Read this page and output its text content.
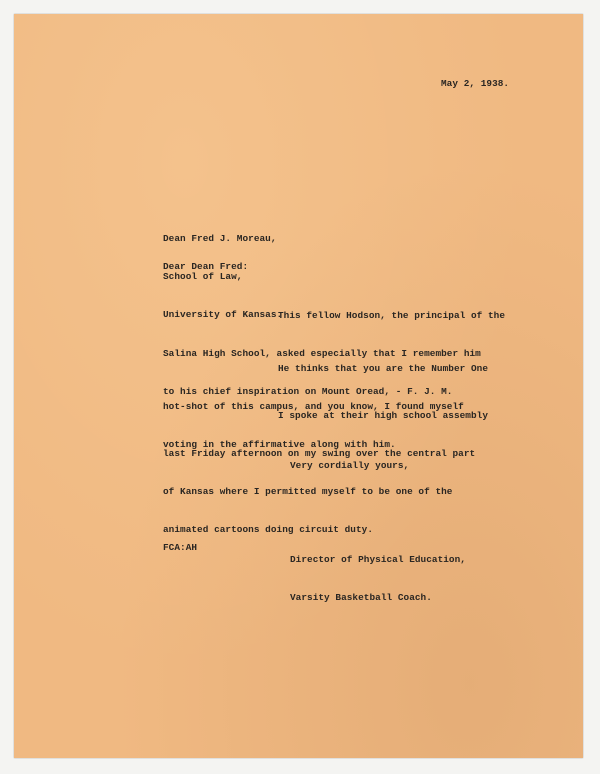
May 2, 1938.

Dean Fred J. Moreau,

School of Law,

University of Kansas.

Dear Dean Fred:

This fellow Hodson, the principal of the

Salina High School, asked especially that I remember him

to his chief inspiration on Mount Oread, - F. J. M.

He thinks that you are the Number One

hot-shot of this campus, and you know, I found myself

voting in the affirmative along with him.

I spoke at their high school assembly

last Friday afternoon on my swing over the central part

of Kansas where I permitted myself to be one of the

animated cartoons doing circuit duty.

Very cordially yours,

Director of Physical Education,

Varsity Basketball Coach.

FCA:AH
